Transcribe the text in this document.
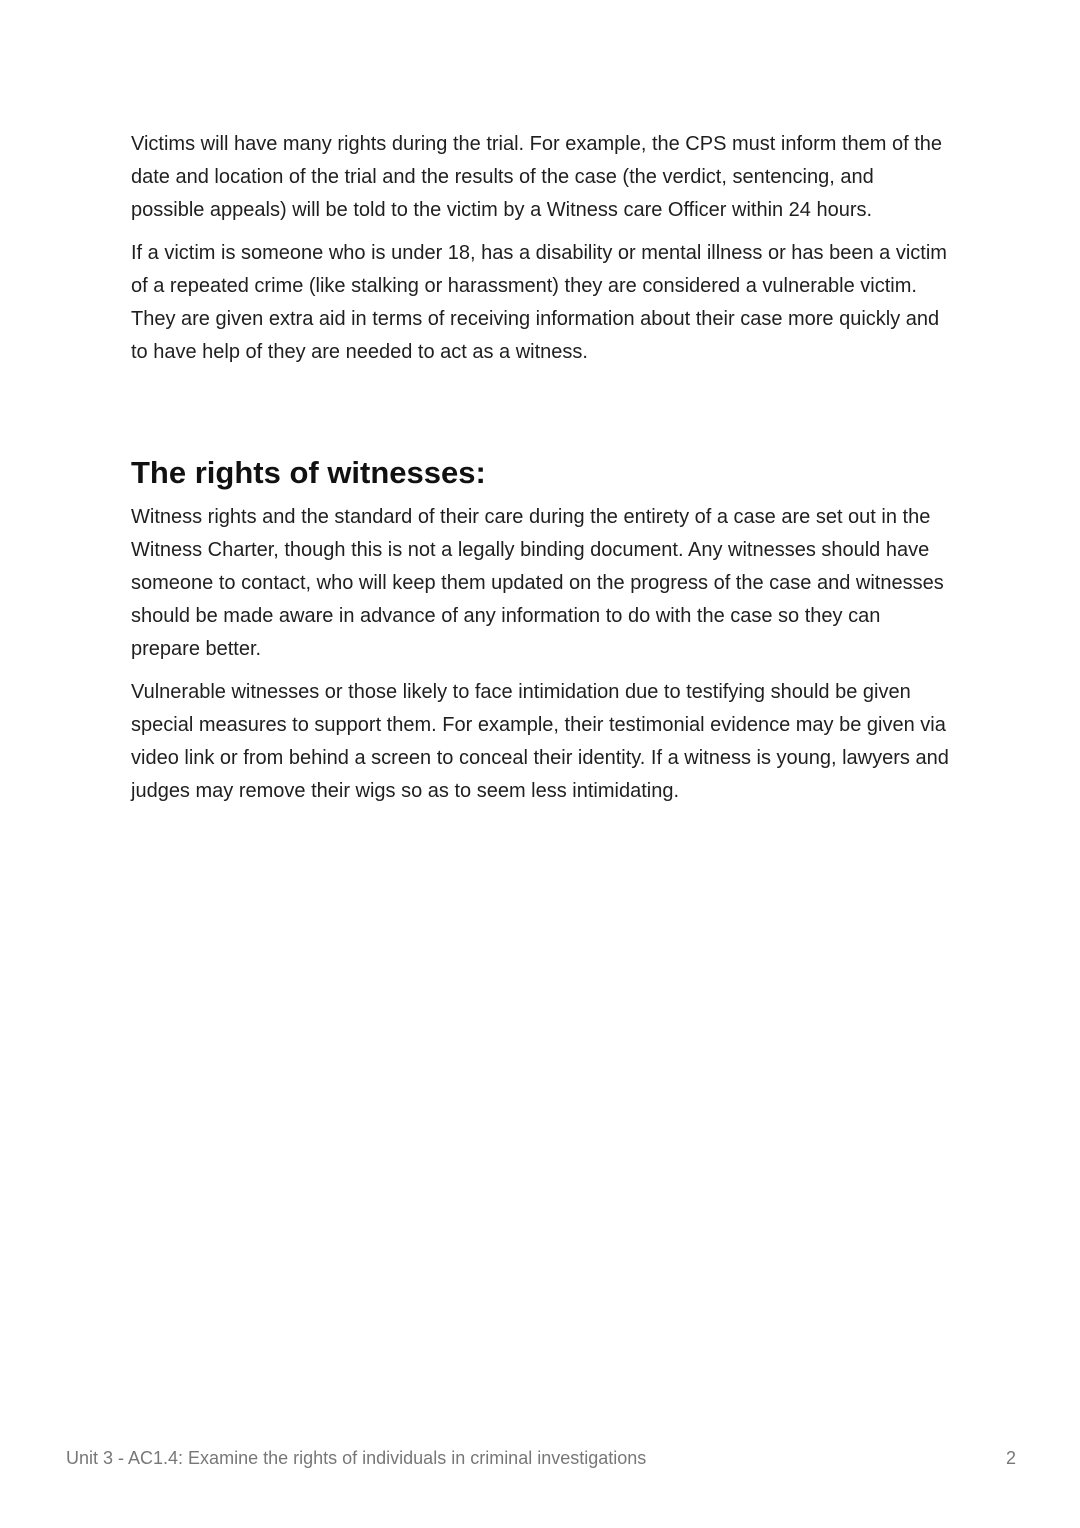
Victims will have many rights during the trial. For example, the CPS must inform them of the date and location of the trial and the results of the case (the verdict, sentencing, and possible appeals) will be told to the victim by a Witness care Officer within 24 hours.

If a victim is someone who is under 18, has a disability or mental illness or has been a victim of a repeated crime (like stalking or harassment) they are considered a vulnerable victim. They are given extra aid in terms of receiving information about their case more quickly and to have help of they are needed to act as a witness.

The rights of witnesses:

Witness rights and the standard of their care during the entirety of a case are set out in the Witness Charter, though this is not a legally binding document. Any witnesses should have someone to contact, who will keep them updated on the progress of the case and witnesses should be made aware in advance of any information to do with the case so they can prepare better.

Vulnerable witnesses or those likely to face intimidation due to testifying should be given special measures to support them. For example, their testimonial evidence may be given via video link or from behind a screen to conceal their identity. If a witness is young, lawyers and judges may remove their wigs so as to seem less intimidating.

Unit 3 - AC1.4: Examine the rights of individuals in criminal investigations	2
